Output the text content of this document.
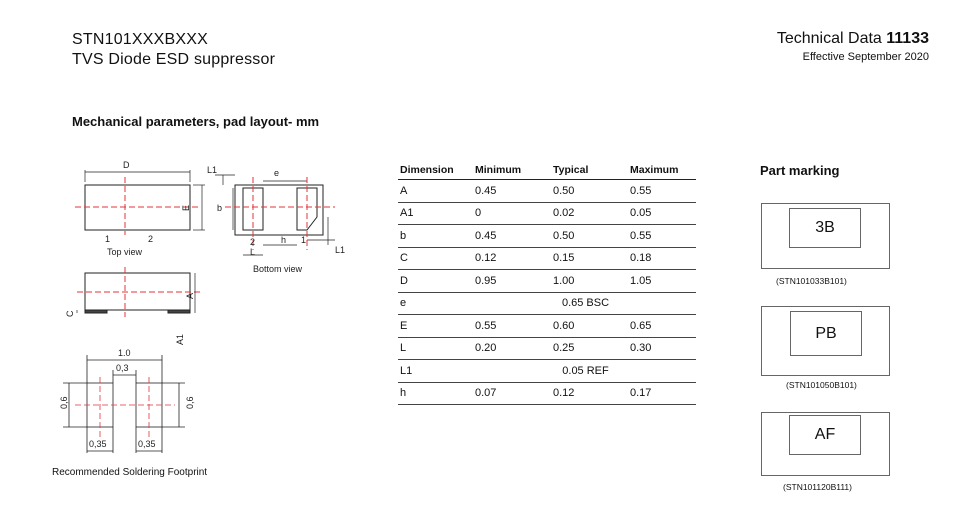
STN101XXXBXXX
TVS Diode ESD suppressor
Technical Data 11133
Effective September 2020
Mechanical parameters, pad layout- mm
D
E
1	2
Top view
L1	e
b
2
L
h 1
L1
Bottom view
A
A1
C
1.0
0,3
0,6	0,6
0,35	0,35
Recommended Soldering Footprint
Dimension	Minimum	Typical	Maximum
A	0.45	0.50	0.55
A1	0	0.02	0.05
b	0.45	0.50	0.55
C	0.12	0.15	0.18
D	0.95	1.00	1.05
e	0.65 BSC		
E	0.55	0.60	0.65
L	0.20	0.25	0.30
L1	0.05 REF		
h	0.07	0.12	0.17
Part marking
3B
(STN101033B101)
PB
(STN101050B101)
AF
(STN101120B111)
